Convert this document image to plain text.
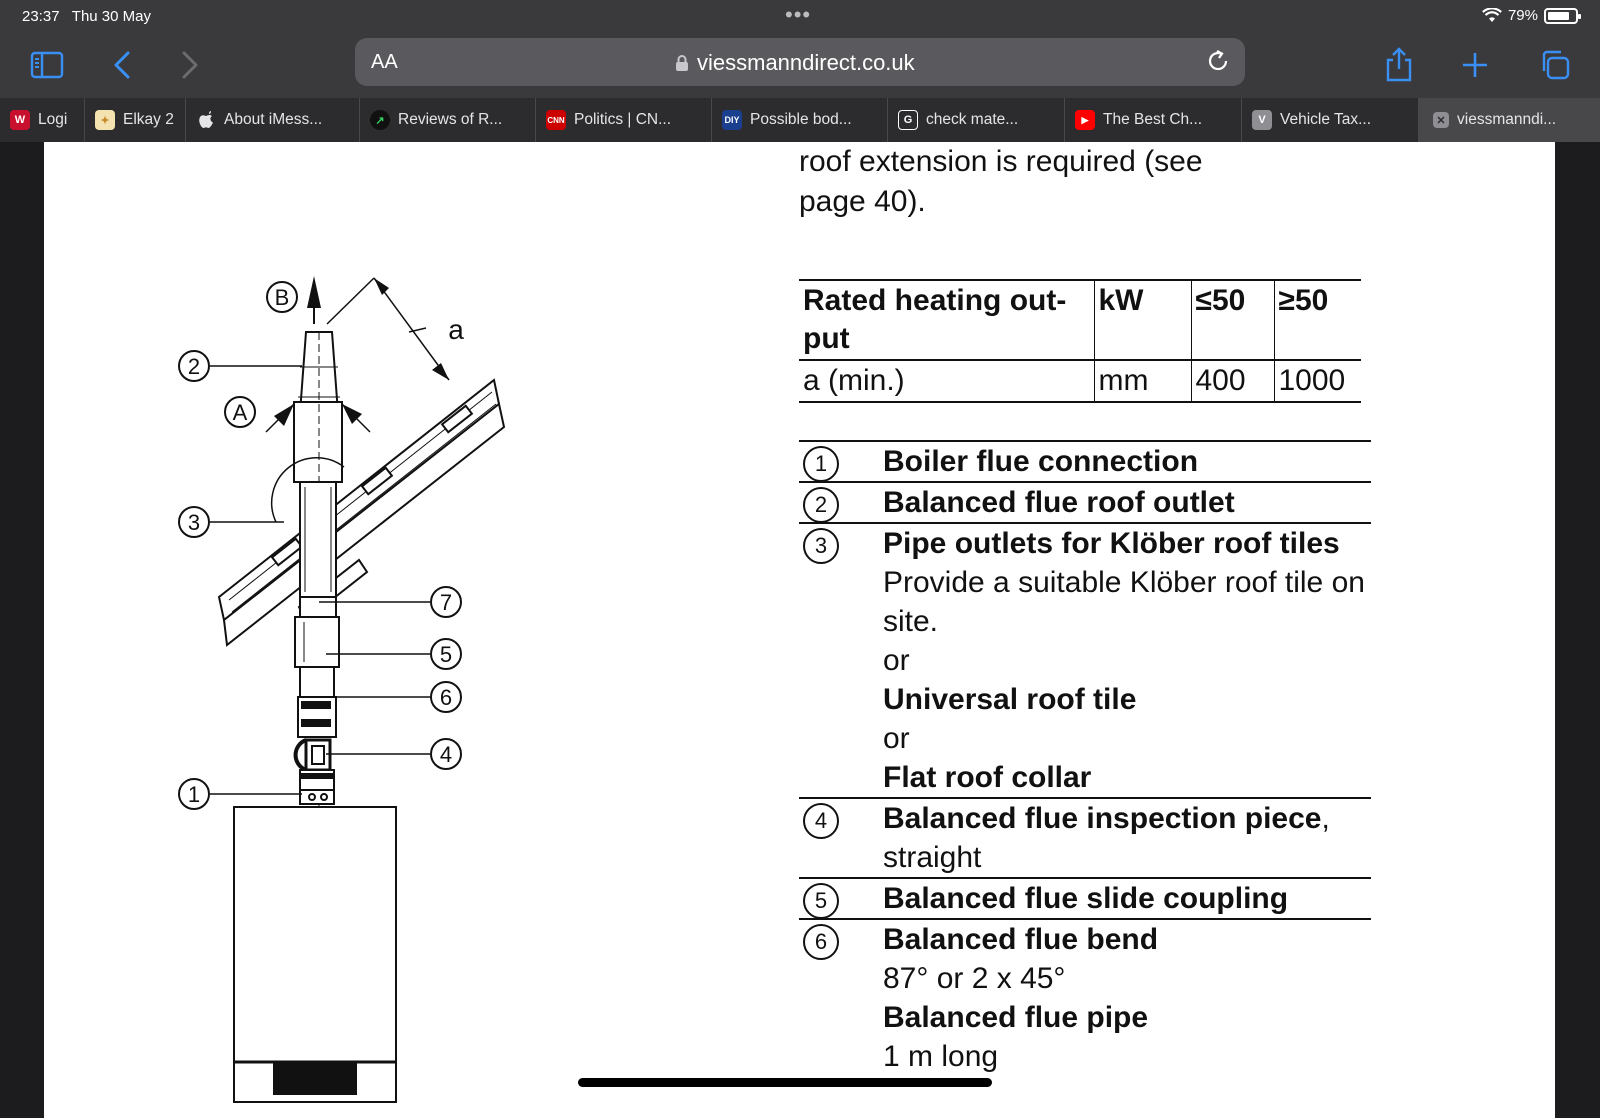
23:37 Thu 30 May	•••	79%
AA	viessmanndirect.co.uk
W Logi	✦ Elkay 2	About iMess...	↗ Reviews of R...	CNN Politics | CN...	DIY Possible bod...	G check mate...	▶ The Best Ch...	V Vehicle Tax...	✕ viessmanndi...
B
A
a
2
3
7
5
6
4
1
roof extension is required (see
page 40).
Rated heating out-
put	kW	≤50	≥50
a (min.)	mm	400	1000
1	Boiler flue connection
2	Balanced flue roof outlet
3	Pipe outlets for Klöber roof tiles
Provide a suitable Klöber roof tile on site.
or
Universal roof tile
or
Flat roof collar
4	Balanced flue inspection piece,
straight
5	Balanced flue slide coupling
6	Balanced flue bend
87° or 2 x 45°
Balanced flue pipe
1 m long
